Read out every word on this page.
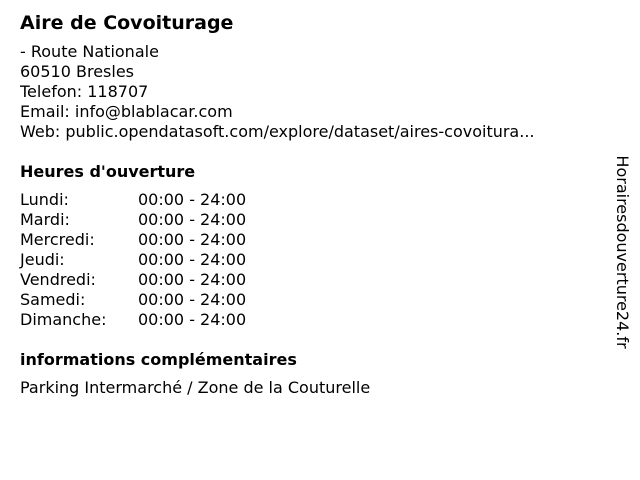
Aire de Covoiturage
- Route Nationale
60510 Bresles
Telefon: 118707
Email: info@blablacar.com
Web: public.opendatasoft.com/explore/dataset/aires-covoitura...
Heures d'ouverture
Lundi:	00:00 - 24:00
Mardi:	00:00 - 24:00
Mercredi:	00:00 - 24:00
Jeudi:	00:00 - 24:00
Vendredi:	00:00 - 24:00
Samedi:	00:00 - 24:00
Dimanche:	00:00 - 24:00
informations complémentaires
Parking Intermarché / Zone de la Couturelle
Horairesdouverture24.fr
